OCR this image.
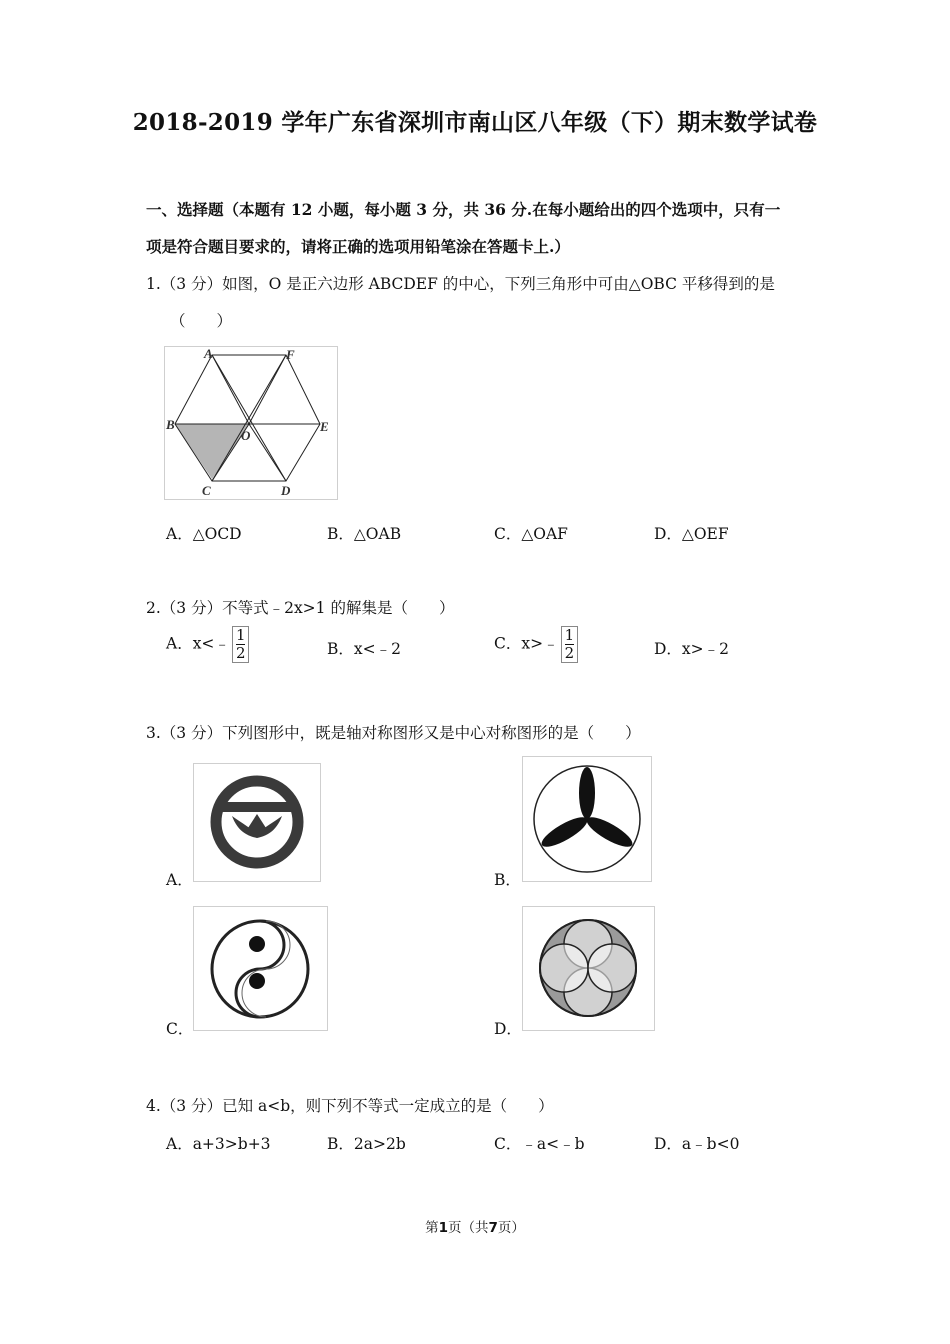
2018-2019 学年广东省深圳市南山区八年级（下）期末数学试卷
一、选择题（本题有 12 小题，每小题 3 分，共 36 分.在每小题给出的四个选项中，只有一
项是符合题目要求的，请将正确的选项用铅笔涂在答题卡上.）
1.（3 分）如图，O 是正六边形 ABCDEF 的中心，下列三角形中可由△OBC 平移得到的是
（　　）
A	F
B
O
E
C	D
A．△OCD	B．△OAB	C．△OAF	D．△OEF
2.（3 分）不等式﹣2x>1 的解集是（　　）
A．x<﹣ $\frac{1}{2}$	B．x<﹣2	C．x>﹣ $\frac{1}{2}$	D．x>﹣2
3.（3 分）下列图形中，既是轴对称图形又是中心对称图形的是（　　）
A．	B．
C．	D．
4.（3 分）已知 a<b，则下列不等式一定成立的是（　　）
A．a+3>b+3	B．2a>2b	C．﹣a<﹣b	D．a﹣b<0
第1页（共7页）
